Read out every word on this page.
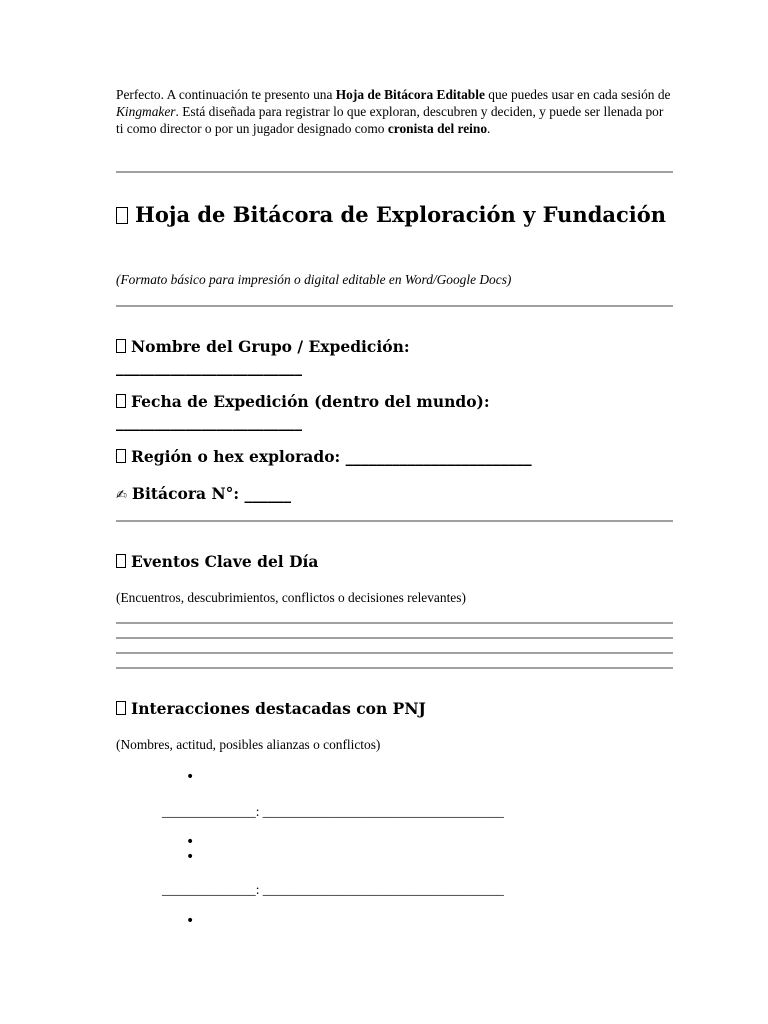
Perfecto. A continuación te presento una Hoja de Bitácora Editable que puedes usar en cada sesión de Kingmaker. Está diseñada para registrar lo que exploran, descubren y deciden, y puede ser llenada por ti como director o por un jugador designado como cronista del reino.

Hoja de Bitácora de Exploración y Fundación

(Formato básico para impresión o digital editable en Word/Google Docs)

Nombre del Grupo / Expedición:
________________________
Fecha de Expedición (dentro del mundo):
________________________
Región o hex explorado: ________________________
✍ Bitácora N°: ______
Eventos Clave del Día

(Encuentros, descubrimientos, conflictos o decisiones relevantes)

Interacciones destacadas con PNJ

(Nombres, actitud, posibles alianzas o conflictos)

•
______________: ____________________________________
•
•
______________: ____________________________________
•
